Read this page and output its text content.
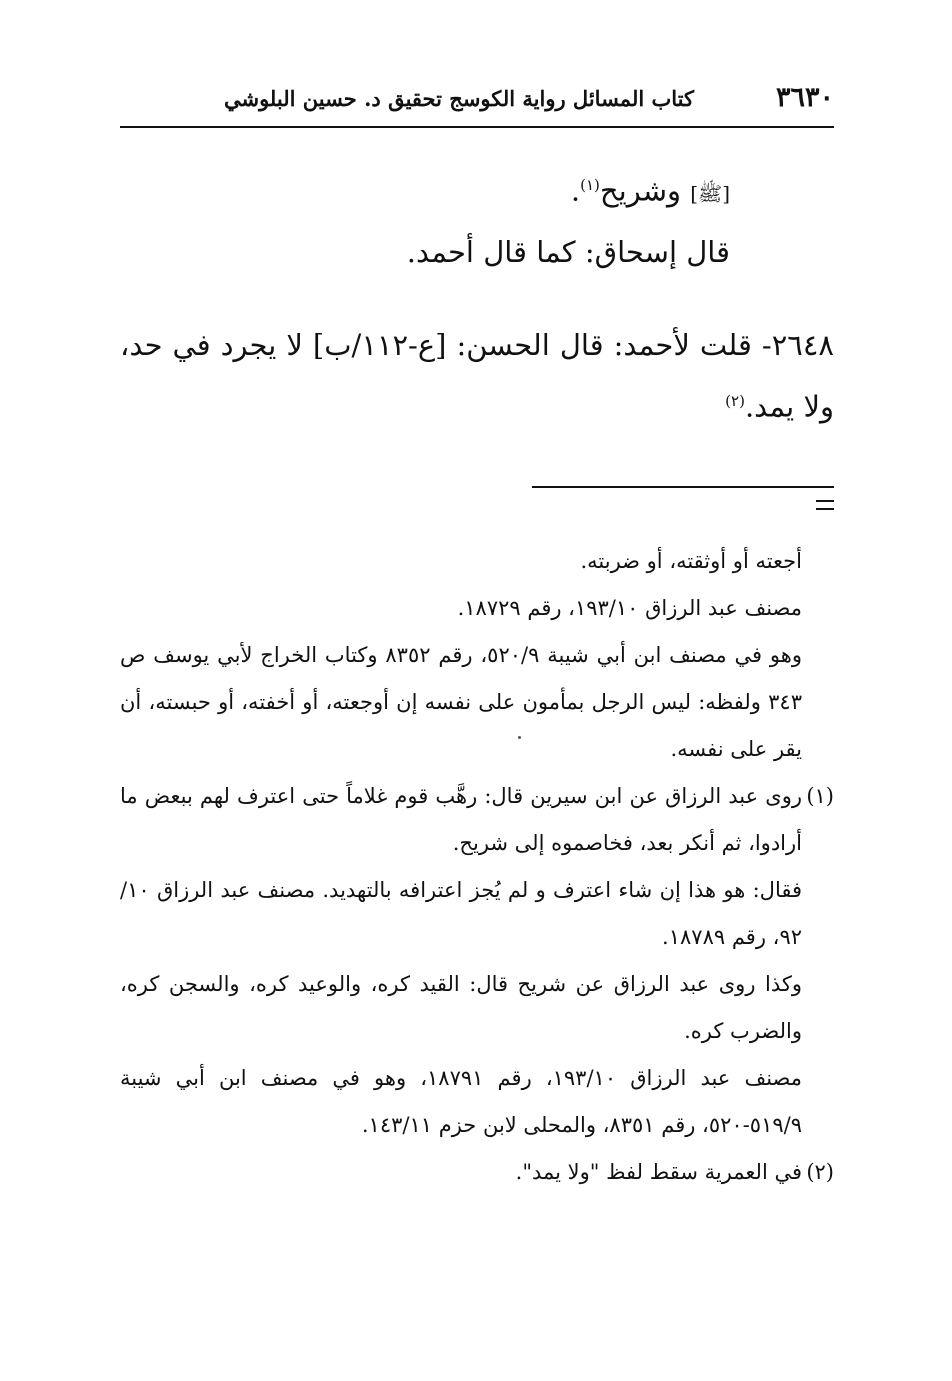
٣٦٣٠
كتاب المسائل رواية الكوسج تحقيق د. حسين البلوشي
[ﷺ] وشريح$^{(١)}$.
قال إسحاق: كما قال أحمد.
٢٦٤٨- قلت لأحمد: قال الحسن: [ع-١١٢/ب] لا يجرد في حد، ولا يمد.$^{(٢)}$
أجعته أو أوثقته، أو ضربته.
مصنف عبد الرزاق ١٩٣/١٠، رقم ١٨٧٢٩.
وهو في مصنف ابن أبي شيبة ٥٢٠/٩، رقم ٨٣٥٢ وكتاب الخراج لأبي يوسف ص ٣٤٣ ولفظه: ليس الرجل بمأمون على نفسه إن أوجعته، أو أخفته، أو حبسته، أن يقر على نفسه.
(١)
روى عبد الرزاق عن ابن سيرين قال: رهَّب قوم غلاماً حتى اعترف لهم ببعض ما أرادوا، ثم أنكر بعد، فخاصموه إلى شريح.
فقال: هو هذا إن شاء اعترف و لم يُجز اعترافه بالتهديد. مصنف عبد الرزاق ١٠/ ٩٢، رقم ١٨٧٨٩.
وكذا روى عبد الرزاق عن شريح قال: القيد كره، والوعيد كره، والسجن كره، والضرب كره.
مصنف عبد الرزاق ١٩٣/١٠، رقم ١٨٧٩١، وهو في مصنف ابن أبي شيبة ٥١٩/٩-٥٢٠، رقم ٨٣٥١، والمحلى لابن حزم ١٤٣/١١.
(٢)
في العمرية سقط لفظ "ولا يمد".
